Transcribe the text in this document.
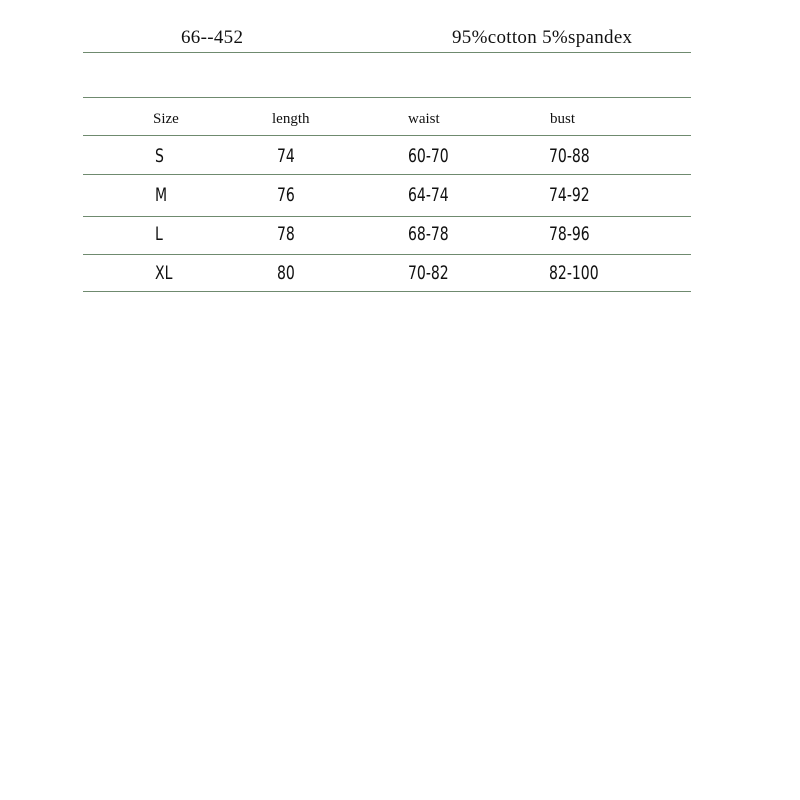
66--452	95%cotton 5%spandex
Size	length	waist	bust
S	74	60-70	70-88
M	76	64-74	74-92
L	78	68-78	78-96
XL	80	70-82	82-100
